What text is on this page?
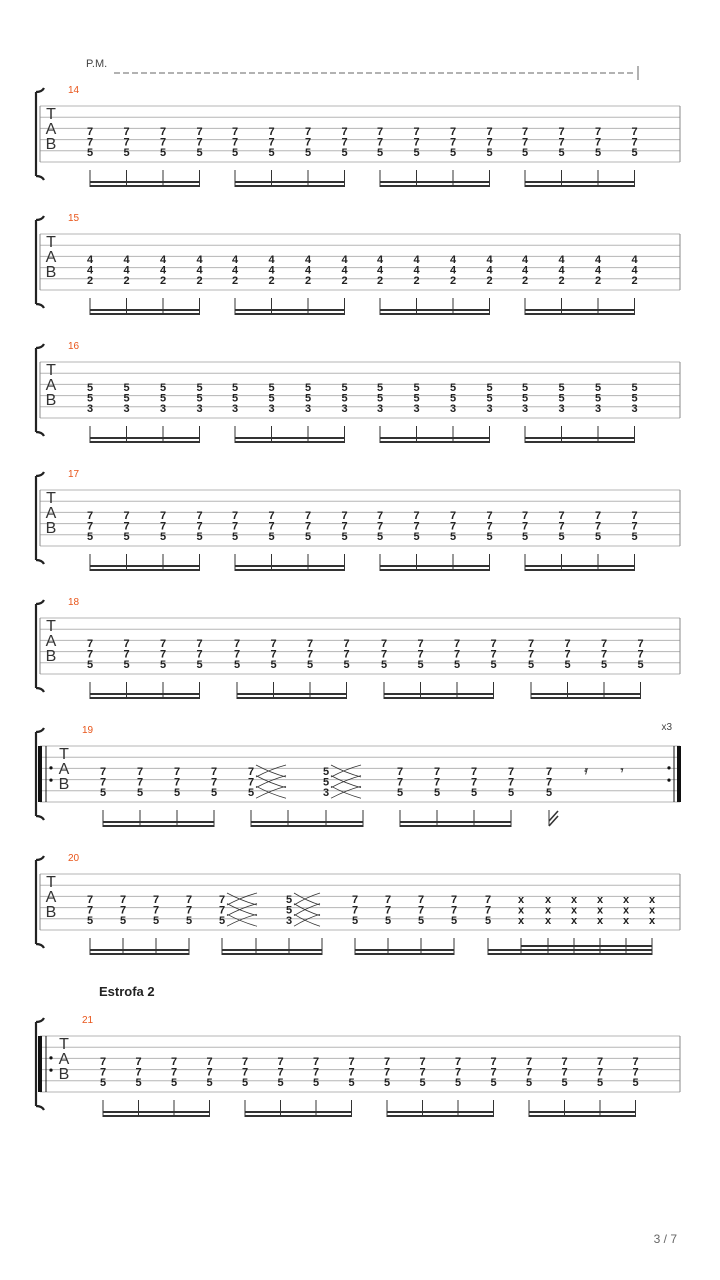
P.M.
T
A
B
14
7
7
5
7
7
5
7
7
5
7
7
5
7
7
5
7
7
5
7
7
5
7
7
5
7
7
5
7
7
5
7
7
5
7
7
5
7
7
5
7
7
5
7
7
5
7
7
5
T
A
B
15
4
4
2
4
4
2
4
4
2
4
4
2
4
4
2
4
4
2
4
4
2
4
4
2
4
4
2
4
4
2
4
4
2
4
4
2
4
4
2
4
4
2
4
4
2
4
4
2
T
A
B
16
5
5
3
5
5
3
5
5
3
5
5
3
5
5
3
5
5
3
5
5
3
5
5
3
5
5
3
5
5
3
5
5
3
5
5
3
5
5
3
5
5
3
5
5
3
5
5
3
T
A
B
17
7
7
5
7
7
5
7
7
5
7
7
5
7
7
5
7
7
5
7
7
5
7
7
5
7
7
5
7
7
5
7
7
5
7
7
5
7
7
5
7
7
5
7
7
5
7
7
5
T
A
B
18
7
7
5
7
7
5
7
7
5
7
7
5
7
7
5
7
7
5
7
7
5
7
7
5
7
7
5
7
7
5
7
7
5
7
7
5
7
7
5
7
7
5
7
7
5
7
7
5
T
A
B
21
7
7
5
7
7
5
7
7
5
7
7
5
7
7
5
7
7
5
7
7
5
7
7
5
7
7
5
7
7
5
7
7
5
7
7
5
7
7
5
7
7
5
7
7
5
7
7
5
T
A
B
19
7
7
5
7
7
5
7
7
5
7
7
5
7
7
5
5
5
3
7
7
5
7
7
5
7
7
5
7
7
5
7
7
5
𝄿	𝄾
x3
T
A
B
20
7
7
5
7
7
5
7
7
5
7
7
5
7
7
5
5
5
3
7
7
5
7
7
5
7
7
5
7
7
5
7
7
5
x
x
x
x
x
x
x
x
x
x
x
x
x
x
x
x
x
x
Estrofa 2
3 / 7
